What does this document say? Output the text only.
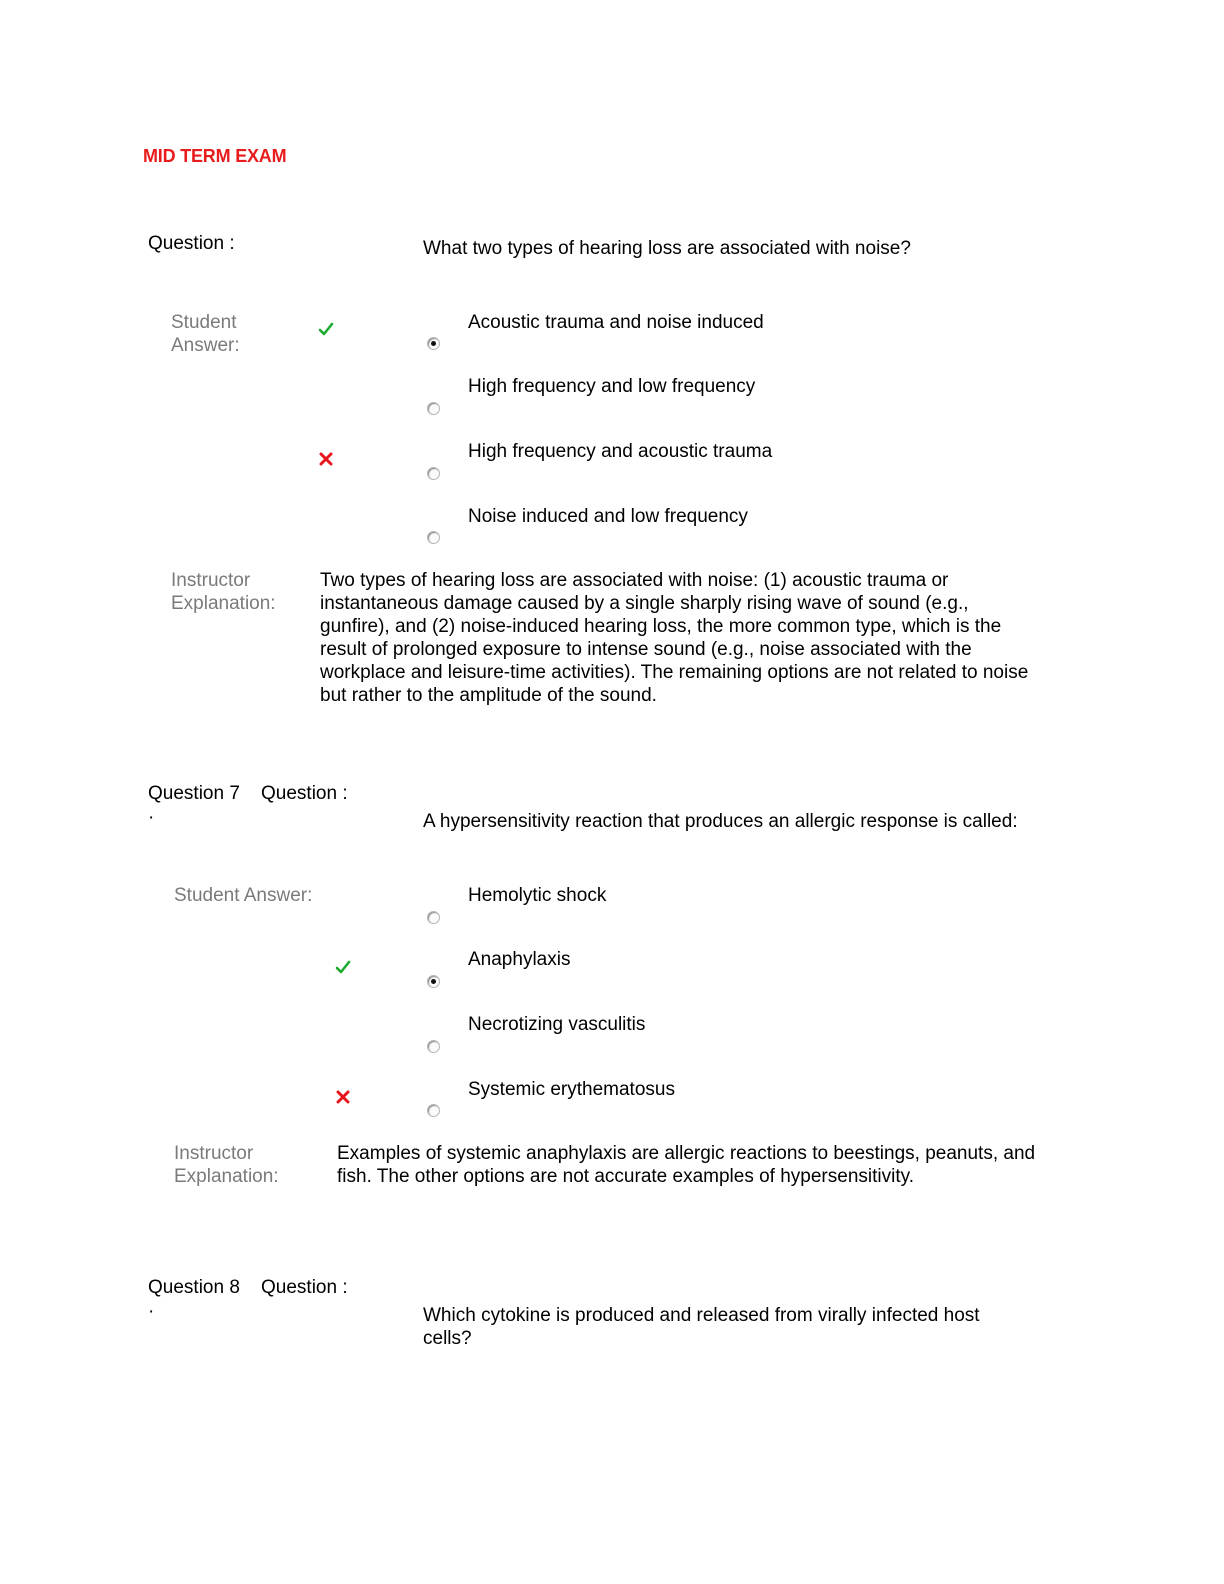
MID TERM EXAM
Question :	What two types of hearing loss are associated with noise?
Student
Answer:
Acoustic trauma and noise induced
High frequency and low frequency
High frequency and acoustic trauma
Noise induced and low frequency
Instructor
Explanation:
Two types of hearing loss are associated with noise: (1) acoustic trauma or instantaneous damage caused by a single sharply rising wave of sound (e.g., gunfire), and (2) noise-induced hearing loss, the more common type, which is the result of prolonged exposure to intense sound (e.g., noise associated with the workplace and leisure-time activities). The remaining options are not related to noise but rather to the amplitude of the sound.
Question 7 Question :
·	A hypersensitivity reaction that produces an allergic response is called:
Student Answer:	Hemolytic shock
Anaphylaxis
Necrotizing vasculitis
Systemic erythematosus
Instructor
Explanation:
Examples of systemic anaphylaxis are allergic reactions to beestings, peanuts, and fish. The other options are not accurate examples of hypersensitivity.
Question 8 Question :
·	Which cytokine is produced and released from virally infected host cells?
